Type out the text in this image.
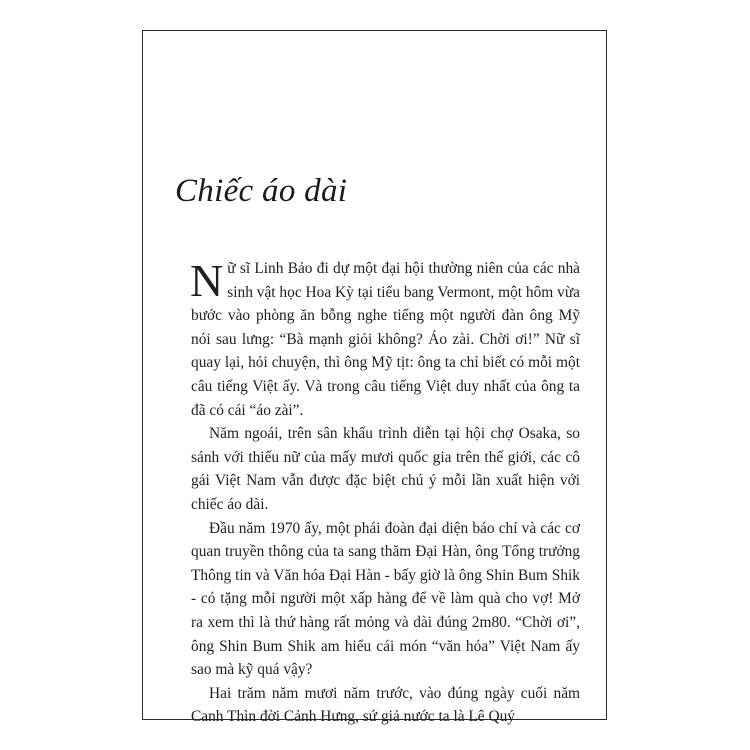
Chiếc áo dài

Nữ sĩ Linh Bảo đi dự một đại hội thường niên của các nhà sinh vật học Hoa Kỳ tại tiểu bang Vermont, một hôm vừa bước vào phòng ăn bỗng nghe tiếng một người đàn ông Mỹ nói sau lưng: “Bà mạnh giỏi không? Áo zài. Chời ơi!” Nữ sĩ quay lại, hỏi chuyện, thì ông Mỹ tịt: ông ta chỉ biết có mỗi một câu tiếng Việt ấy. Và trong câu tiếng Việt duy nhất của ông ta đã có cái “áo zài”.

Năm ngoái, trên sân khấu trình diễn tại hội chợ Osaka, so sánh với thiếu nữ của mấy mươi quốc gia trên thế giới, các cô gái Việt Nam vẫn được đặc biệt chú ý mỗi lần xuất hiện với chiếc áo dài.

Đầu năm 1970 ấy, một phái đoàn đại diện báo chí và các cơ quan truyền thông của ta sang thăm Đại Hàn, ông Tổng trưởng Thông tin và Văn hóa Đại Hàn - bấy giờ là ông Shin Bum Shik - có tặng mỗi người một xấp hàng để về làm quà cho vợ! Mở ra xem thì là thứ hàng rất mỏng và dài đúng 2m80. “Chời ơi”, ông Shin Bum Shik am hiểu cái món “văn hóa” Việt Nam ấy sao mà kỹ quá vậy?

Hai trăm năm mươi năm trước, vào đúng ngày cuối năm Canh Thìn đời Cảnh Hưng, sứ giả nước ta là Lê Quý
